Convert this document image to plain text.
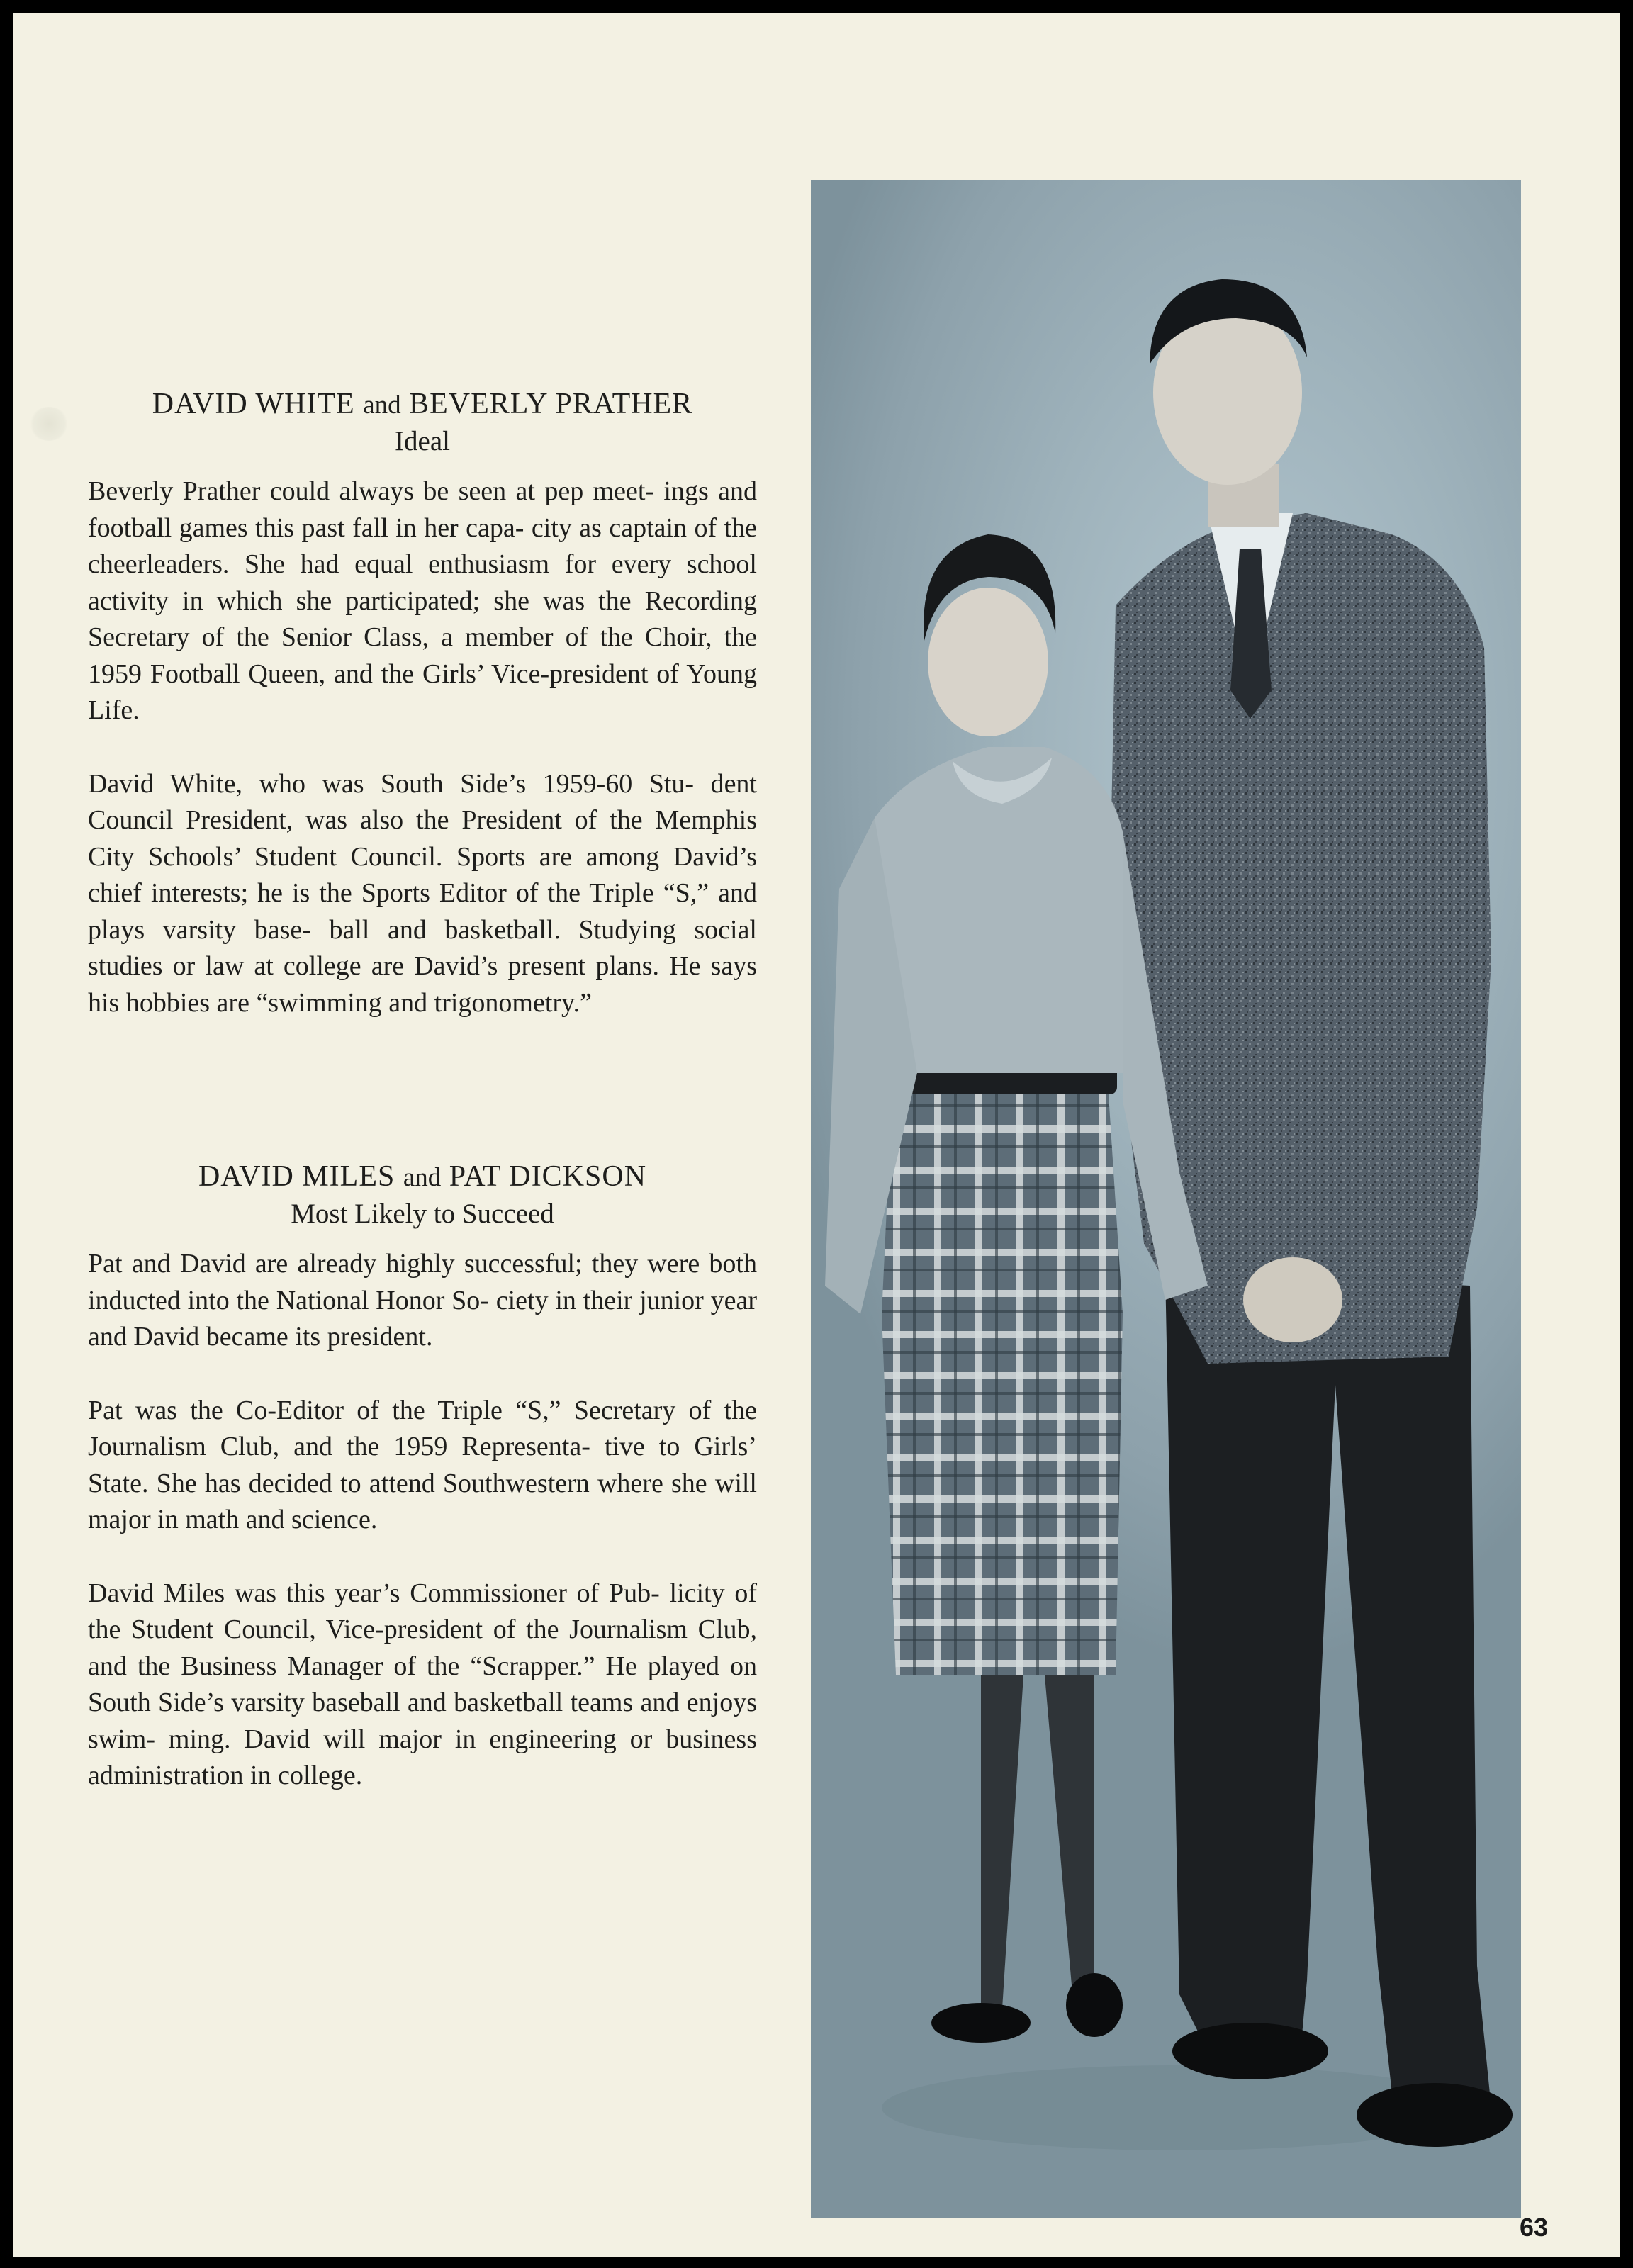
DAVID WHITE and BEVERLY PRATHER

Ideal

Beverly Prather could always be seen at pep meet- ings and football games this past fall in her capa- city as captain of the cheerleaders. She had equal enthusiasm for every school activity in which she participated; she was the Recording Secretary of the Senior Class, a member of the Choir, the 1959 Football Queen, and the Girls’ Vice-president of Young Life.

David White, who was South Side’s 1959-60 Stu- dent Council President, was also the President of the Memphis City Schools’ Student Council. Sports are among David’s chief interests; he is the Sports Editor of the Triple “S,” and plays varsity base- ball and basketball. Studying social studies or law at college are David’s present plans. He says his hobbies are “swimming and trigonometry.”

DAVID MILES and PAT DICKSON

Most Likely to Succeed

Pat and David are already highly successful; they were both inducted into the National Honor So- ciety in their junior year and David became its president.

Pat was the Co-Editor of the Triple “S,” Secretary of the Journalism Club, and the 1959 Representa- tive to Girls’ State. She has decided to attend Southwestern where she will major in math and science.

David Miles was this year’s Commissioner of Pub- licity of the Student Council, Vice-president of the Journalism Club, and the Business Manager of the “Scrapper.” He played on South Side’s varsity baseball and basketball teams and enjoys swim- ming. David will major in engineering or business administration in college.

63
